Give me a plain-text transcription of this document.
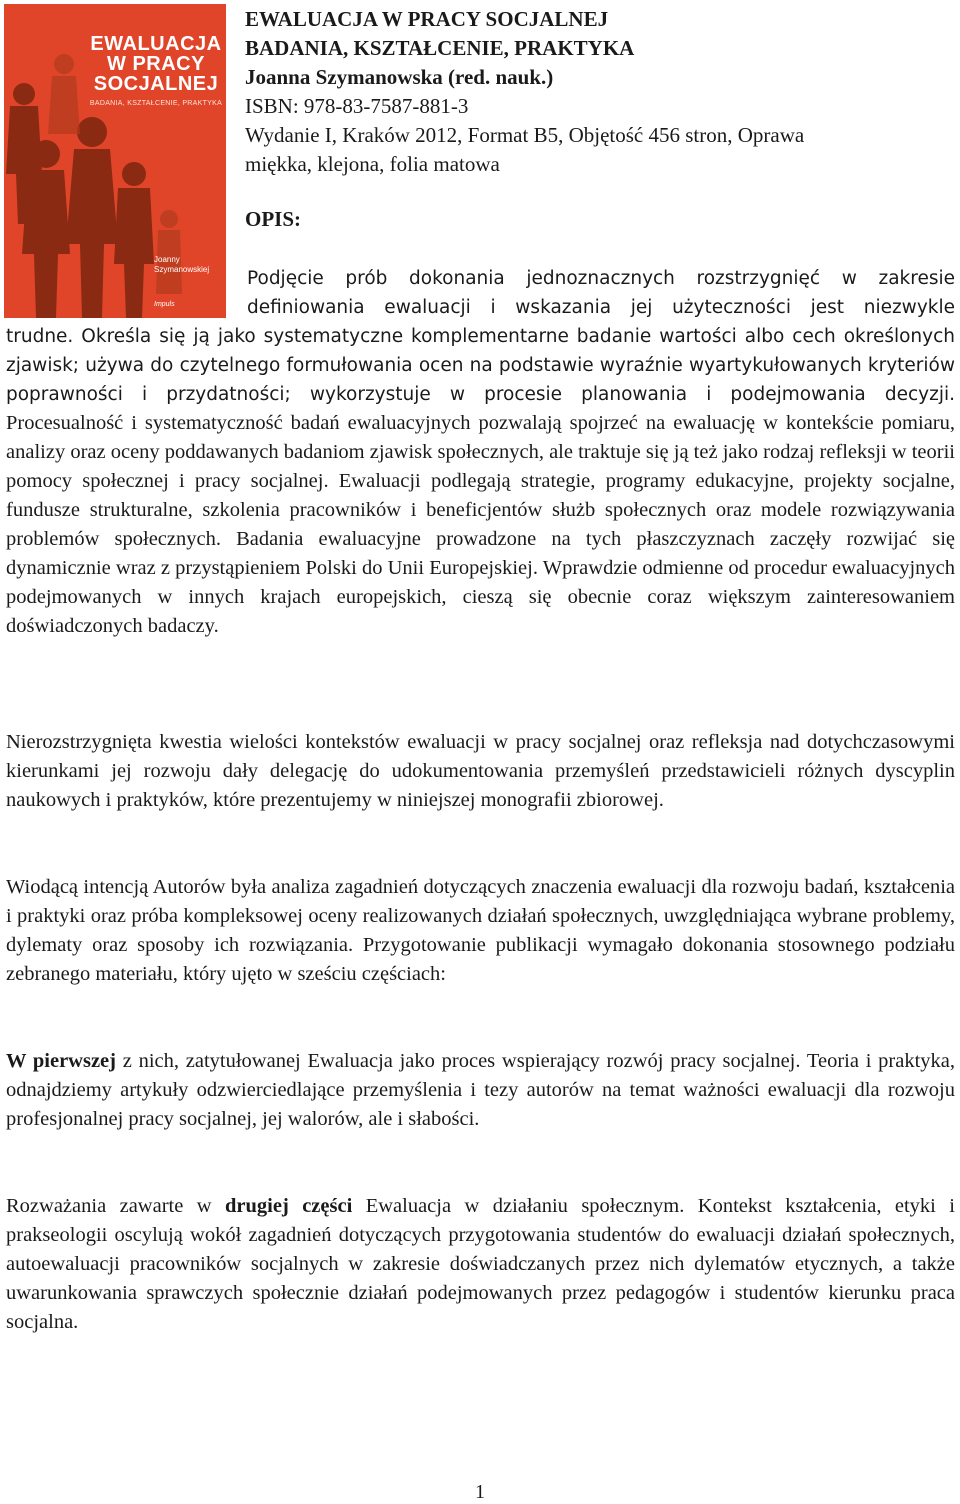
EWALUACJA
W PRACY
SOCJALNEJ
BADANIA, KSZTAŁCENIE, PRAKTYKA
Joanny
Szymanowskiej
Impuls
EWALUACJA W PRACY SOCJALNEJ
BADANIA, KSZTAŁCENIE, PRAKTYKA
Joanna Szymanowska (red. nauk.)
ISBN: 978-83-7587-881-3
Wydanie I, Kraków 2012, Format B5, Objętość 456 stron, Oprawa
miękka, klejona, folia matowa
OPIS:
Podjęcie prób dokonania jednoznacznych rozstrzygnięć w zakresie definiowania ewaluacji i wskazania jej użyteczności jest niezwykle
trudne. Określa się ją jako systematyczne komplementarne badanie wartości albo cech określonych zjawisk; używa do czytelnego formułowania ocen na podstawie wyraźnie wyartykułowanych kryteriów poprawności i przydatności; wykorzystuje w procesie planowania i podejmowania decyzji. Procesualność i systematyczność badań ewaluacyjnych pozwalają spojrzeć na ewaluację w kontekście pomiaru, analizy oraz oceny poddawanych badaniom zjawisk społecznych, ale traktuje się ją też jako rodzaj refleksji w teorii pomocy społecznej i pracy socjalnej. Ewaluacji podlegają strategie, programy edukacyjne, projekty socjalne, fundusze strukturalne, szkolenia pracowników i beneficjentów służb społecznych oraz modele rozwiązywania problemów społecznych. Badania ewaluacyjne prowadzone na tych płaszczyznach zaczęły rozwijać się dynamicznie wraz z przystąpieniem Polski do Unii Europejskiej. Wprawdzie odmienne od procedur ewaluacyjnych podejmowanych w innych krajach europejskich, cieszą się obecnie coraz większym zainteresowaniem doświadczonych badaczy.
Nierozstrzygnięta kwestia wielości kontekstów ewaluacji w pracy socjalnej oraz refleksja nad dotychczasowymi kierunkami jej rozwoju dały delegację do udokumentowania przemyśleń przedstawicieli różnych dyscyplin naukowych i praktyków, które prezentujemy w niniejszej monografii zbiorowej.
Wiodącą intencją Autorów była analiza zagadnień dotyczących znaczenia ewaluacji dla rozwoju badań, kształcenia i praktyki oraz próba kompleksowej oceny realizowanych działań społecznych, uwzględniająca wybrane problemy, dylematy oraz sposoby ich rozwiązania. Przygotowanie publikacji wymagało dokonania stosownego podziału zebranego materiału, który ujęto w sześciu częściach:
W pierwszej z nich, zatytułowanej Ewaluacja jako proces wspierający rozwój pracy socjalnej. Teoria i praktyka, odnajdziemy artykuły odzwierciedlające przemyślenia i tezy autorów na temat ważności ewaluacji dla rozwoju profesjonalnej pracy socjalnej, jej walorów, ale i słabości.
Rozważania zawarte w drugiej części Ewaluacja w działaniu społecznym. Kontekst kształcenia, etyki i prakseologii oscylują wokół zagadnień dotyczących przygotowania studentów do ewaluacji działań społecznych, autoewaluacji pracowników socjalnych w zakresie doświadczanych przez nich dylematów etycznych, a także uwarunkowania sprawczych społecznie działań podejmowanych przez pedagogów i studentów kierunku praca socjalna.
1
